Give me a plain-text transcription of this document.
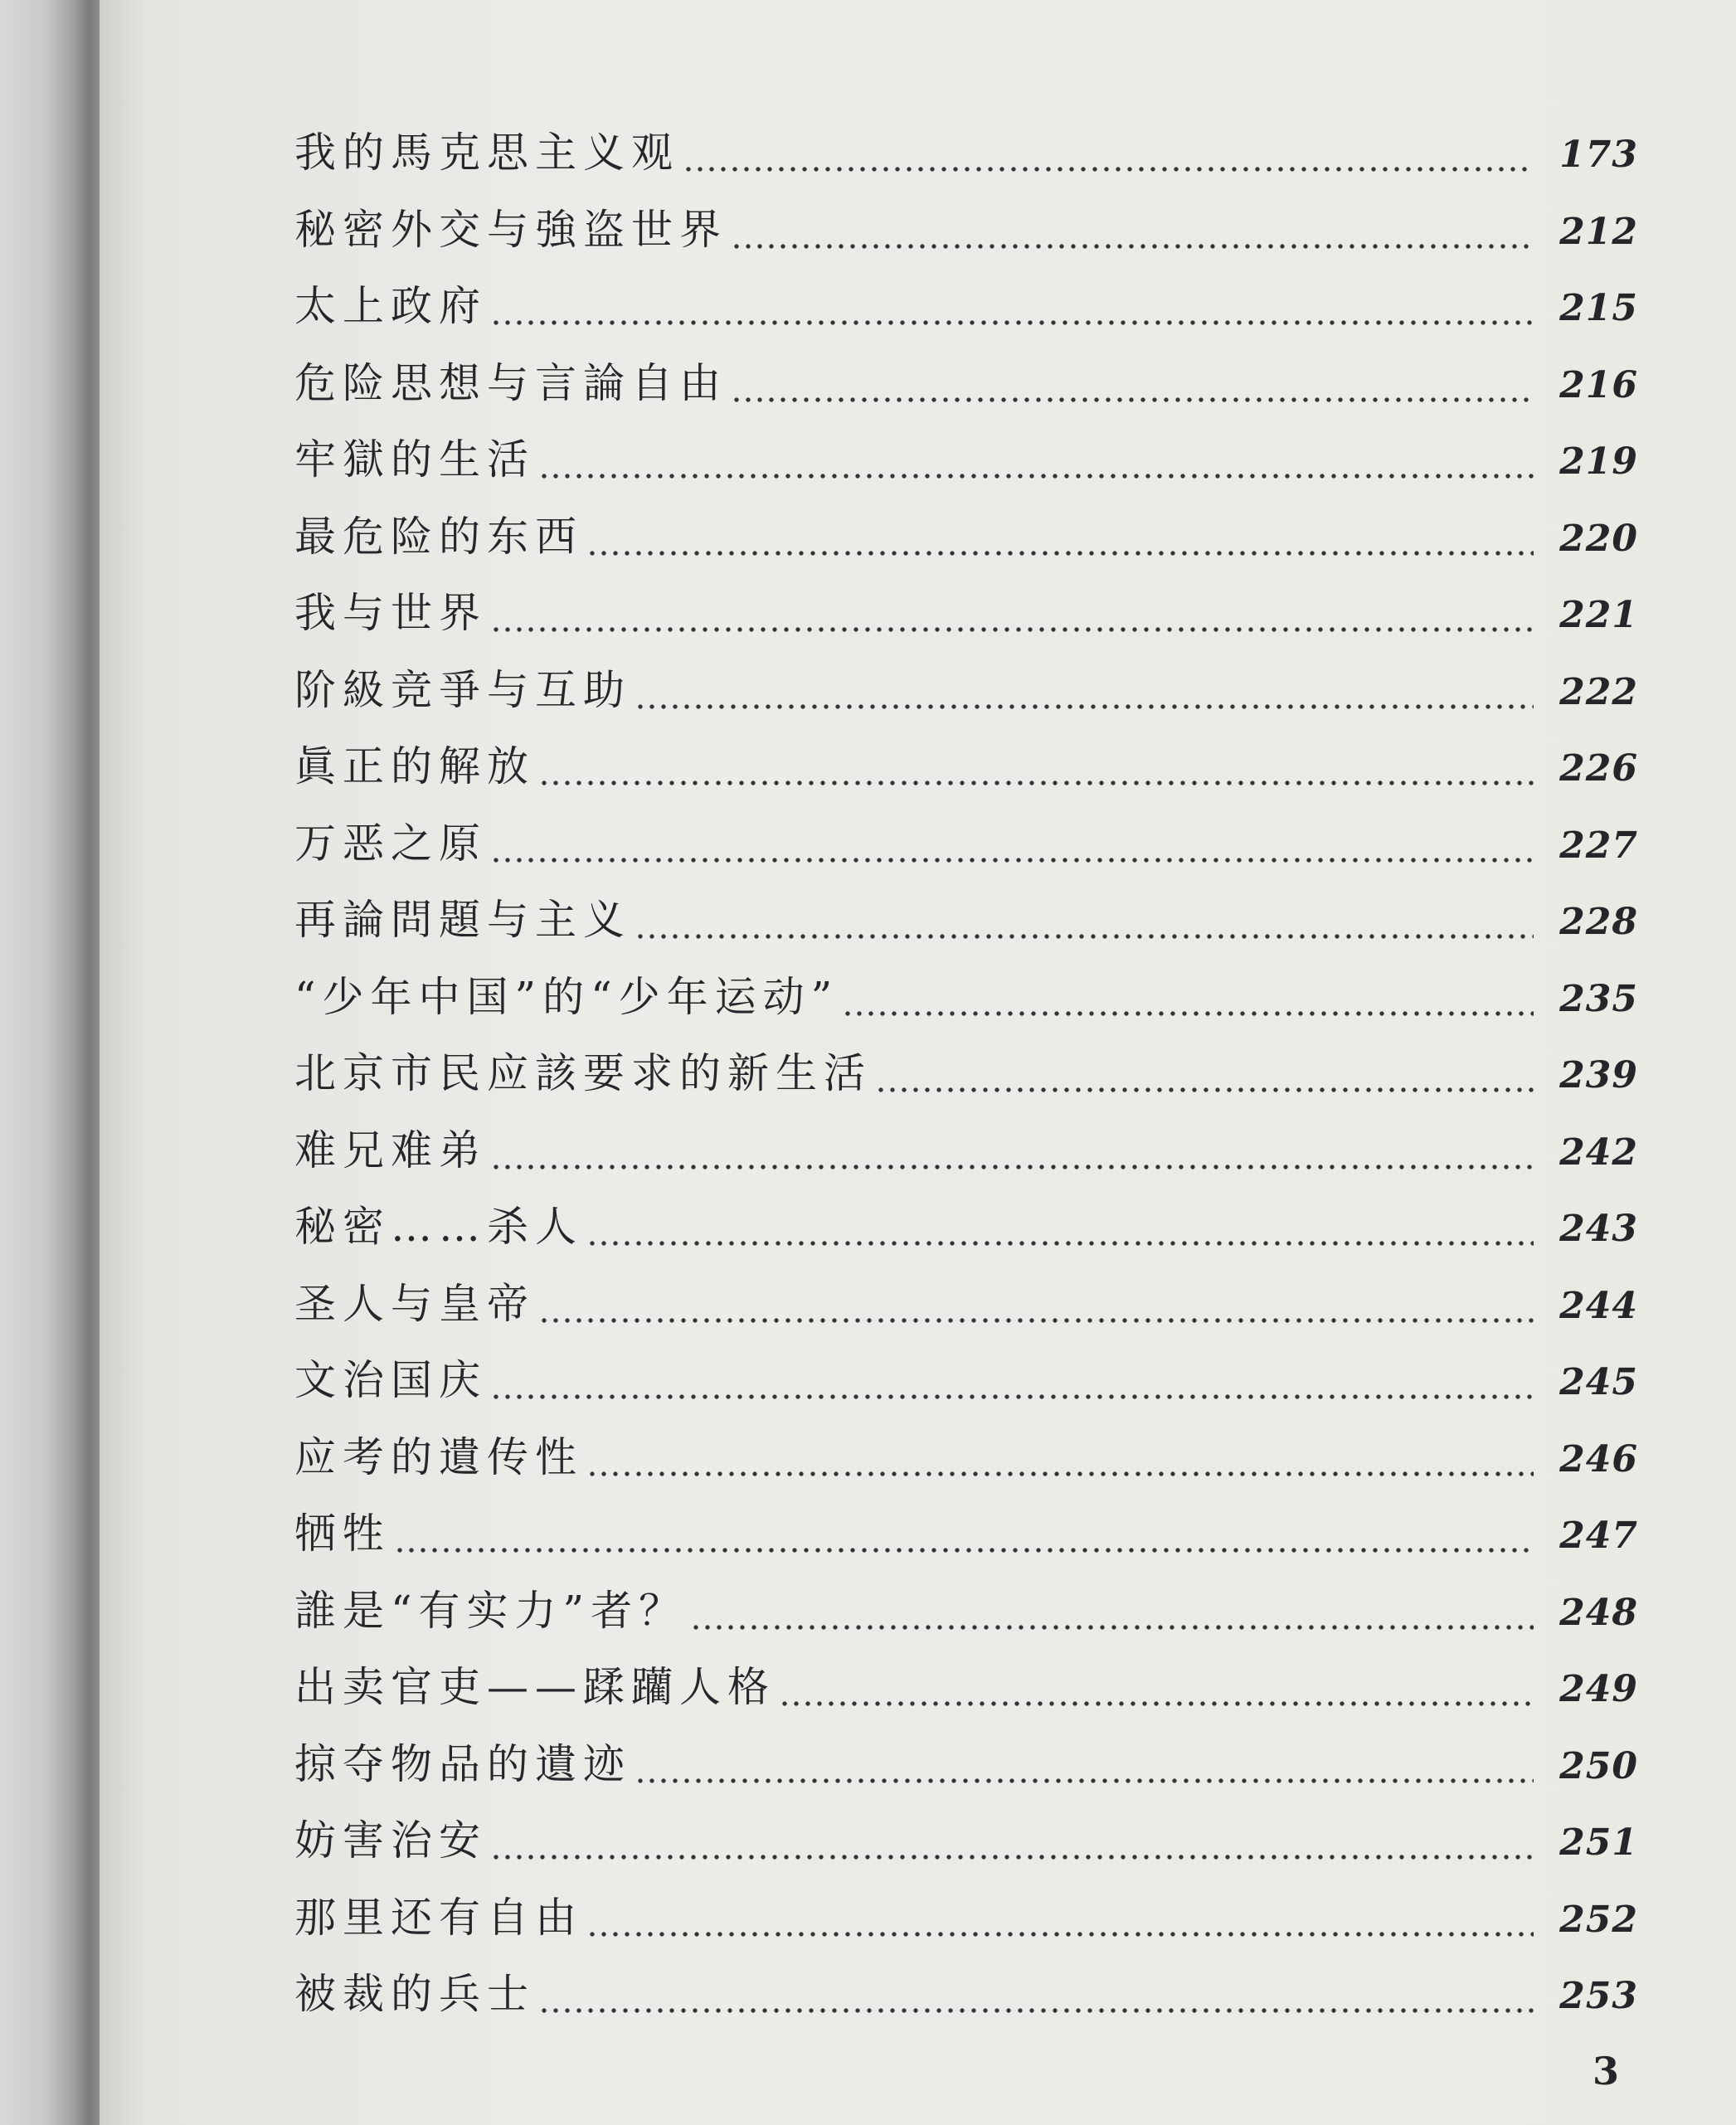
我的馬克思主义观	173
秘密外交与強盗世界	212
太上政府	215
危险思想与言論自由	216
牢獄的生活	219
最危险的东西	220
我与世界	221
阶級竞爭与互助	222
眞正的解放	226
万恶之原	227
再論問題与主义	228
“少年中国”的“少年运动”	235
北京市民应該要求的新生活	239
难兄难弟	242
秘密……杀人	243
圣人与皇帝	244
文治国庆	245
应考的遺传性	246
牺牲	247
誰是“有实力”者？	248
出卖官吏——蹂躪人格	249
掠夺物品的遺迹	250
妨害治安	251
那里还有自由	252
被裁的兵士	253
3
